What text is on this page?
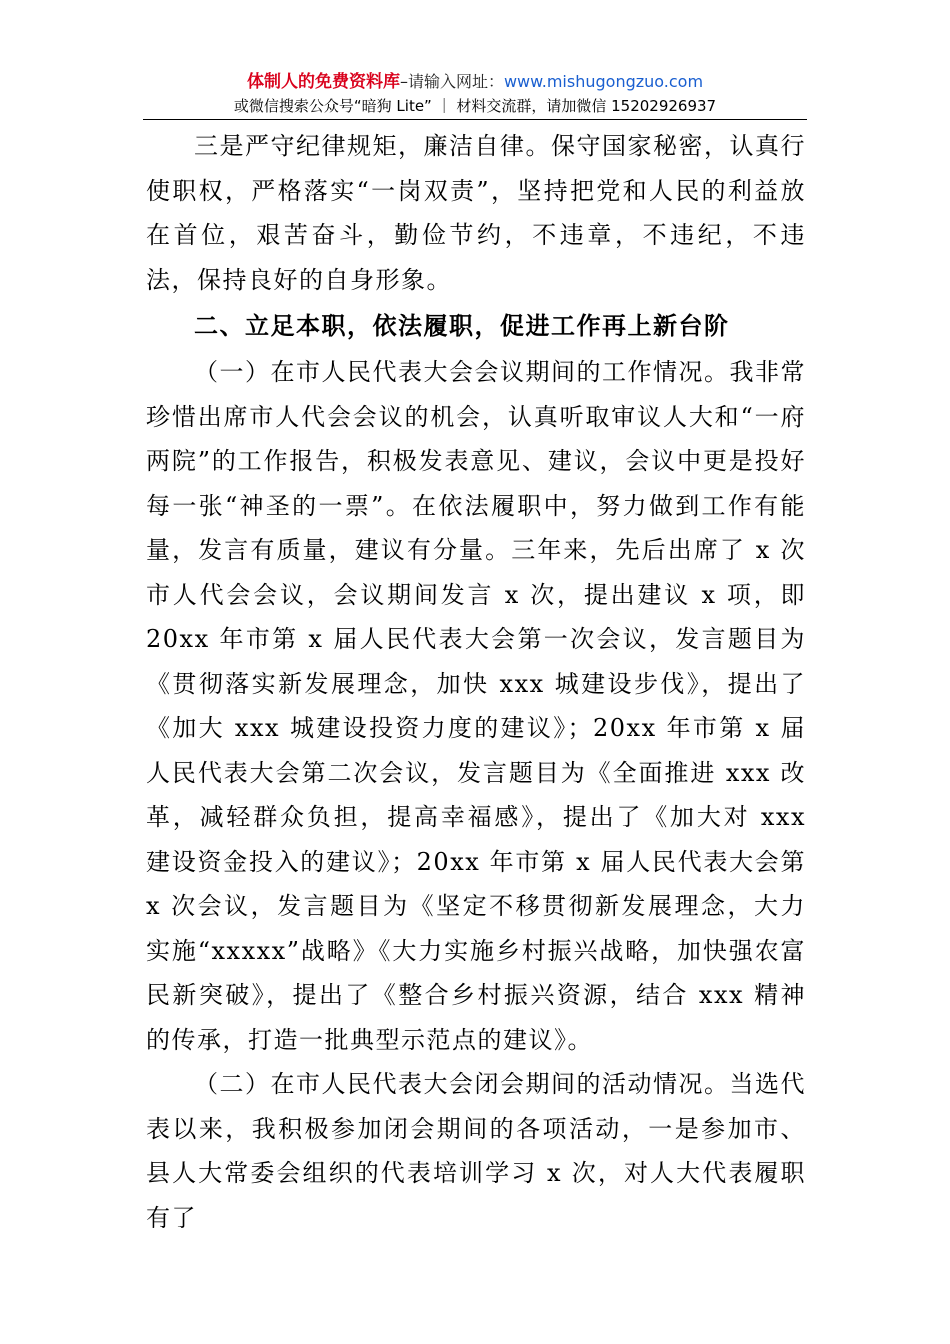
体制人的免费资料库–请输入网址：www.mishugongzuo.com
或微信搜索公众号“暗狗 Lite” ｜ 材料交流群，请加微信 15202926937

三是严守纪律规矩，廉洁自律。保守国家秘密，认真行使职权，严格落实“一岗双责”，坚持把党和人民的利益放在首位，艰苦奋斗，勤俭节约，不违章，不违纪，不违法，保持良好的自身形象。

二、立足本职，依法履职，促进工作再上新台阶

（一）在市人民代表大会会议期间的工作情况。我非常珍惜出席市人代会会议的机会，认真听取审议人大和“一府两院”的工作报告，积极发表意见、建议，会议中更是投好每一张“神圣的一票”。在依法履职中，努力做到工作有能量，发言有质量，建议有分量。三年来，先后出席了 x 次市人代会会议，会议期间发言 x 次，提出建议 x 项，即 20xx 年市第 x 届人民代表大会第一次会议，发言题目为《贯彻落实新发展理念，加快 xxx 城建设步伐》，提出了《加大 xxx 城建设投资力度的建议》；20xx 年市第 x 届人民代表大会第二次会议，发言题目为《全面推进 xxx 改革，减轻群众负担，提高幸福感》，提出了《加大对 xxx 建设资金投入的建议》；20xx 年市第 x 届人民代表大会第 x 次会议，发言题目为《坚定不移贯彻新发展理念，大力实施“xxxxx”战略》《大力实施乡村振兴战略，加快强农富民新突破》，提出了《整合乡村振兴资源，结合 xxx 精神的传承，打造一批典型示范点的建议》。

（二）在市人民代表大会闭会期间的活动情况。当选代表以来，我积极参加闭会期间的各项活动，一是参加市、县人大常委会组织的代表培训学习 x 次，对人大代表履职有了
